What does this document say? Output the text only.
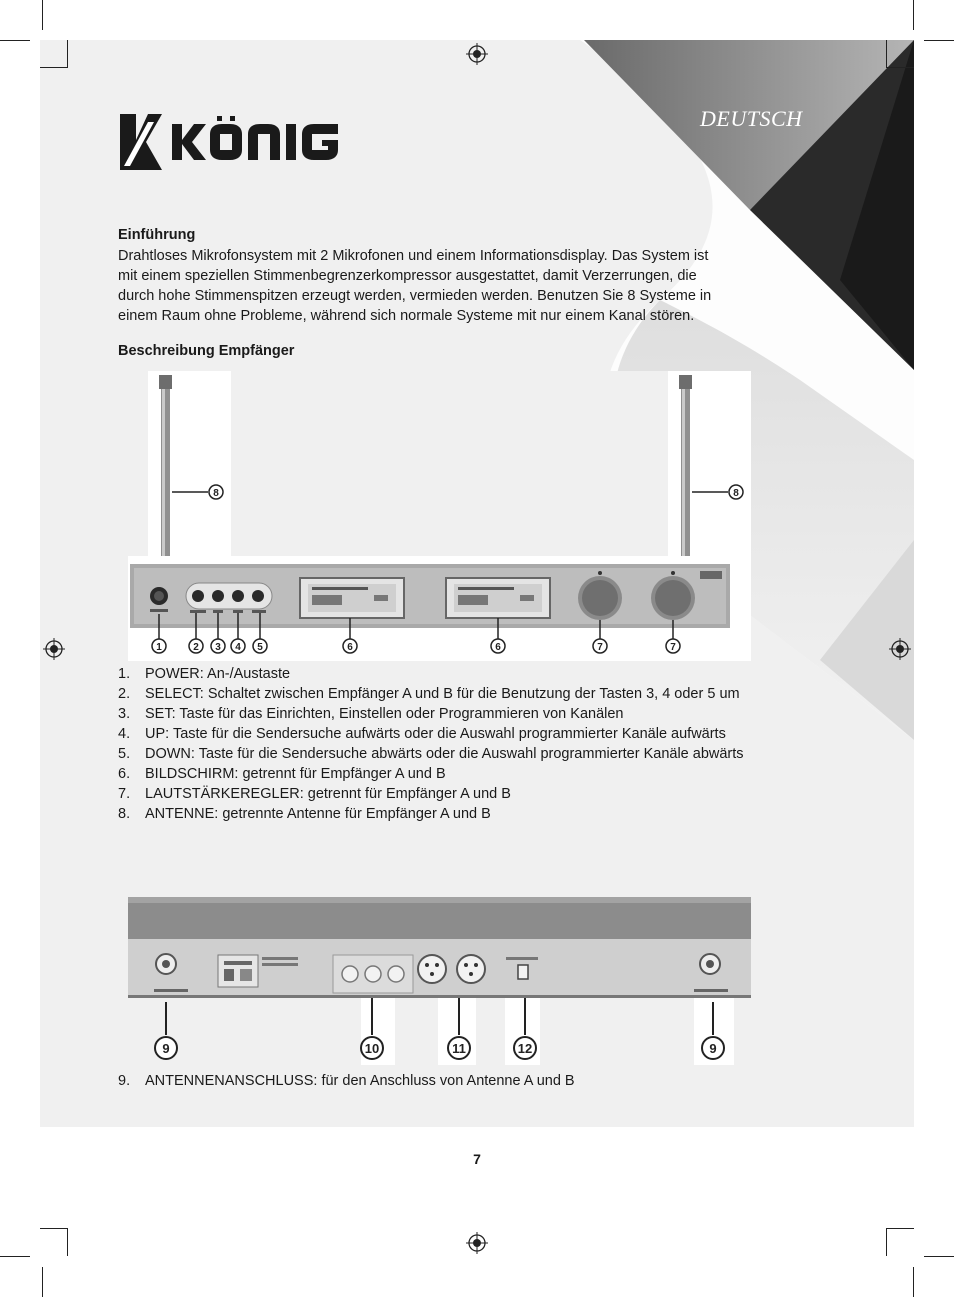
DEUTSCH
Einführung
Drahtloses Mikrofonsystem mit 2 Mikrofonen und einem Informationsdisplay. Das System ist
mit einem speziellen Stimmenbegrenzerkompressor ausgestattet, damit Verzerrungen, die
durch hohe Stimmenspitzen erzeugt werden, vermieden werden. Benutzen Sie 8 Systeme in
einem Raum ohne Probleme, während sich normale Systeme mit nur einem Kanal stören.
Beschreibung Empfänger
8	8
1	2 3 4 5	6	6	7	7
1. POWER: An-/Austaste
2. SELECT: Schaltet zwischen Empfänger A und B für die Benutzung der Tasten 3, 4 oder 5 um
3. SET: Taste für das Einrichten, Einstellen oder Programmieren von Kanälen
4. UP: Taste für die Sendersuche aufwärts oder die Auswahl programmierter Kanäle aufwärts
5. DOWN: Taste für die Sendersuche abwärts oder die Auswahl programmierter Kanäle abwärts
6. BILDSCHIRM: getrennt für Empfänger A und B
7. LAUTSTÄRKEREGLER: getrennt für Empfänger A und B
8. ANTENNE: getrennte Antenne für Empfänger A und B
9	10	11	12	9
9. ANTENNENANSCHLUSS: für den Anschluss von Antenne A und B
7
